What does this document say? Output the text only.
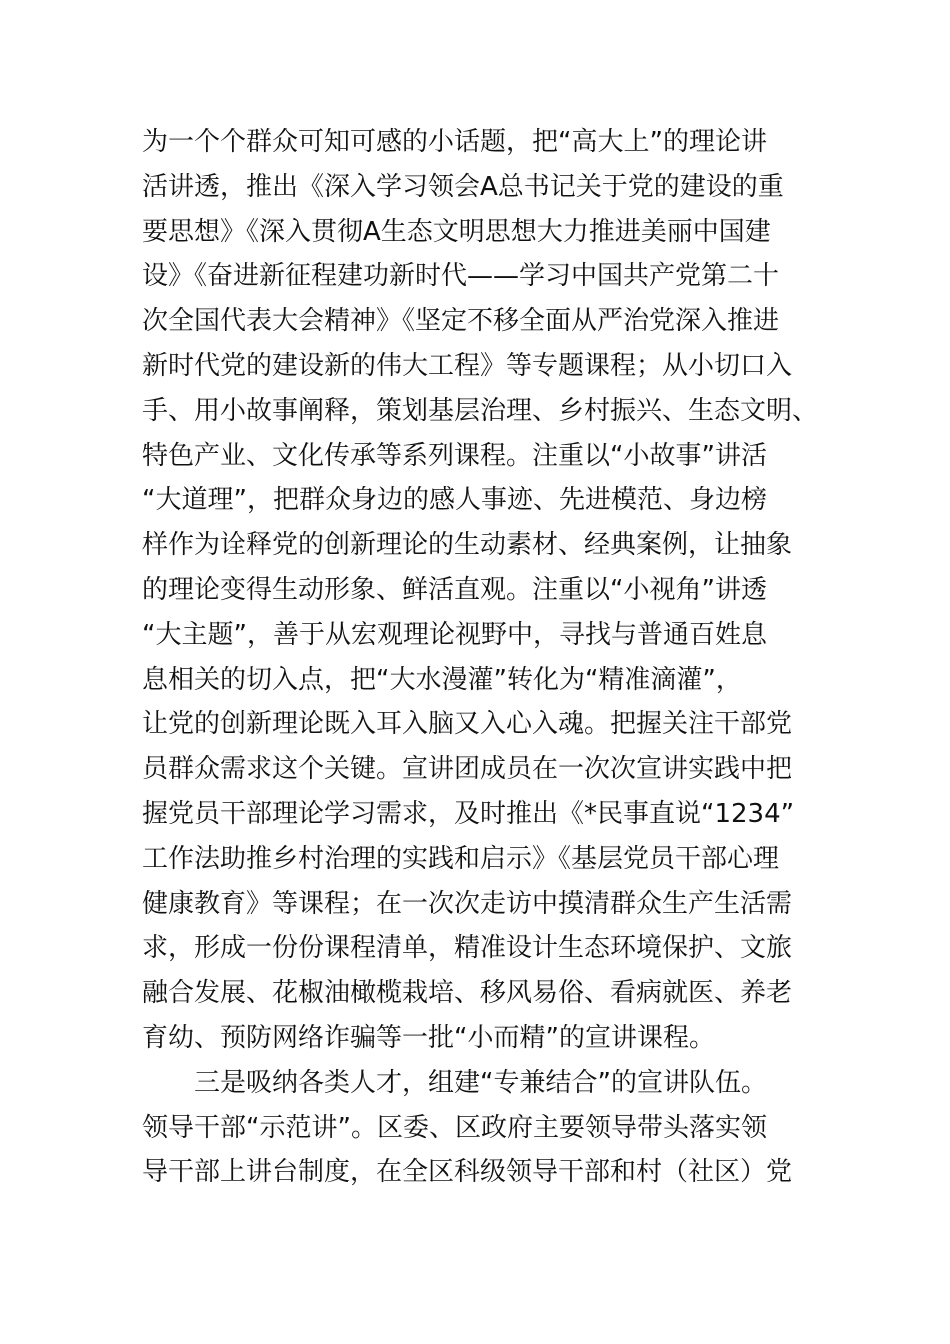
为一个个群众可知可感的小话题，把“高大上”的理论讲
活讲透，推出《深入学习领会A总书记关于党的建设的重
要思想》《深入贯彻A生态文明思想大力推进美丽中国建
设》《奋进新征程建功新时代——学习中国共产党第二十
次全国代表大会精神》《坚定不移全面从严治党深入推进
新时代党的建设新的伟大工程》等专题课程；从小切口入
手、用小故事阐释，策划基层治理、乡村振兴、生态文明、
特色产业、文化传承等系列课程。注重以“小故事”讲活
“大道理”，把群众身边的感人事迹、先进模范、身边榜
样作为诠释党的创新理论的生动素材、经典案例，让抽象
的理论变得生动形象、鲜活直观。注重以“小视角”讲透
“大主题”，善于从宏观理论视野中，寻找与普通百姓息
息相关的切入点，把“大水漫灌”转化为“精准滴灌”，
让党的创新理论既入耳入脑又入心入魂。把握关注干部党
员群众需求这个关键。宣讲团成员在一次次宣讲实践中把
握党员干部理论学习需求，及时推出《*民事直说“1234”
工作法助推乡村治理的实践和启示》《基层党员干部心理
健康教育》等课程；在一次次走访中摸清群众生产生活需
求，形成一份份课程清单，精准设计生态环境保护、文旅
融合发展、花椒油橄榄栽培、移风易俗、看病就医、养老
育幼、预防网络诈骗等一批“小而精”的宣讲课程。
三是吸纳各类人才，组建“专兼结合”的宣讲队伍。
领导干部“示范讲”。区委、区政府主要领导带头落实领
导干部上讲台制度，在全区科级领导干部和村（社区）党
